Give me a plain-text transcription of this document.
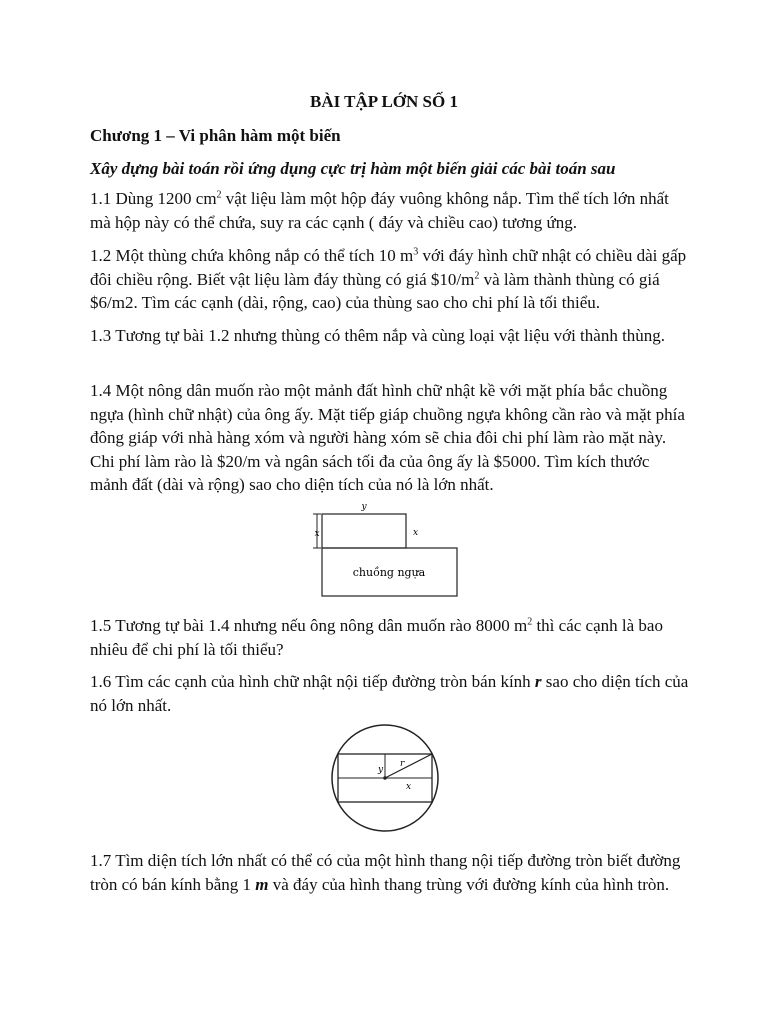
BÀI TẬP LỚN SỐ 1
Chương 1 – Vi phân hàm một biến
Xây dựng bài toán rồi ứng dụng cực trị hàm một biến giải các bài toán sau

1.1 Dùng 1200 $cm^2$ vật liệu làm một hộp đáy vuông không nắp. Tìm thể tích lớn nhất mà hộp này có thể chứa, suy ra các cạnh ( đáy và chiều cao) tương ứng.

1.2 Một thùng chứa không nắp có thể tích 10 $m^3$ với đáy hình chữ nhật có chiều dài gấp đôi chiều rộng. Biết vật liệu làm đáy thùng có giá $\$10/m^2$ và làm thành thùng có giá $6/m2. Tìm các cạnh (dài, rộng, cao) của thùng sao cho chi phí là tối thiểu.

1.3 Tương tự bài 1.2 nhưng thùng có thêm nắp và cùng loại vật liệu với thành thùng.

1.4 Một nông dân muốn rào một mảnh đất hình chữ nhật kề với mặt phía bắc chuồng ngựa (hình chữ nhật) của ông ấy. Mặt tiếp giáp chuồng ngựa không cần rào và mặt phía đông giáp với nhà hàng xóm và người hàng xóm sẽ chia đôi chi phí làm rào mặt này. Chi phí làm rào là $20/m và ngân sách tối đa của ông ấy là $5000. Tìm kích thước mảnh đất (dài và rộng) sao cho diện tích của nó là lớn nhất.

y
x	x
chuồng ngựa

1.5 Tương tự bài 1.4 nhưng nếu ông nông dân muốn rào 8000 $m^2$ thì các cạnh là bao nhiêu để chi phí là tối thiểu?

1.6 Tìm các cạnh của hình chữ nhật nội tiếp đường tròn bán kính r sao cho diện tích của nó lớn nhất.

y
r
x

1.7 Tìm diện tích lớn nhất có thể có của một hình thang nội tiếp đường tròn biết đường tròn có bán kính bằng 1 m và đáy của hình thang trùng với đường kính của hình tròn.
